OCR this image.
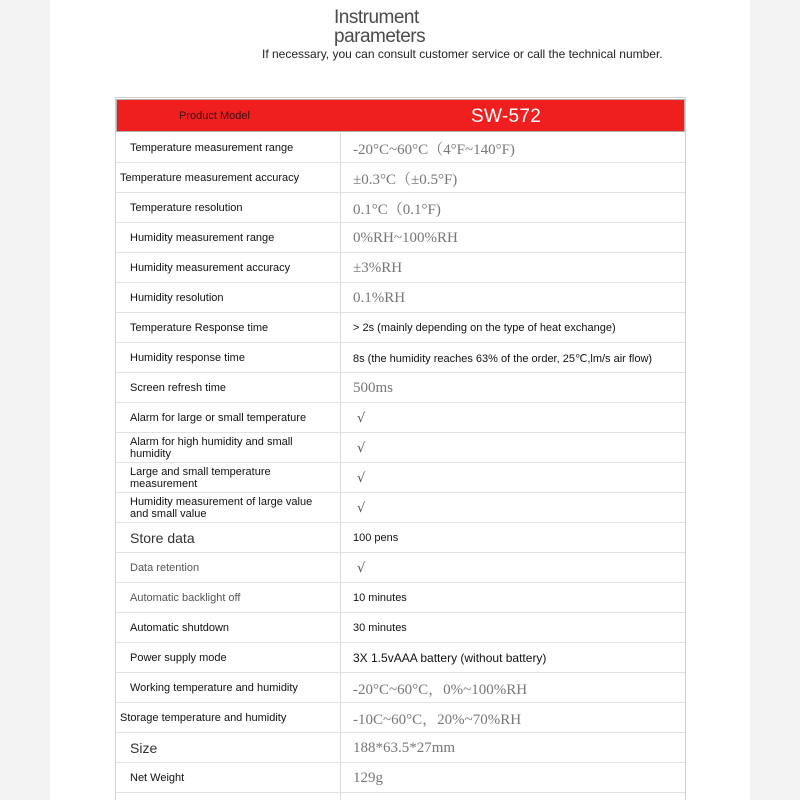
Instrument
parameters
If necessary, you can consult customer service or call the technical number.
Product Model	SW-572
Temperature measurement range	-20°C~60°C（4°F~140°F)
Temperature measurement accuracy	±0.3°C（±0.5°F)
Temperature resolution	0.1°C（0.1°F)
Humidity measurement range	0%RH~100%RH
Humidity measurement accuracy	±3%RH
Humidity resolution	0.1%RH
Temperature Response time	> 2s (mainly depending on the type of heat exchange)
Humidity response time	8s (the humidity reaches 63% of the order, 25℃,lm/s air flow)
Screen refresh time	500ms
Alarm for large or small temperature	√
Alarm for high humidity and small humidity	√
Large and small temperature measurement	√
Humidity measurement of large value and small value	√
Store data	100 pens
Data retention	√
Automatic backlight off	10 minutes
Automatic shutdown	30 minutes
Power supply mode	3X 1.5vAAA battery (without battery)
Working temperature and humidity	-20°C~60°C，0%~100%RH
Storage temperature and humidity	-10C~60°C，20%~70%RH
Size	188*63.5*27mm
Net Weight	129g
